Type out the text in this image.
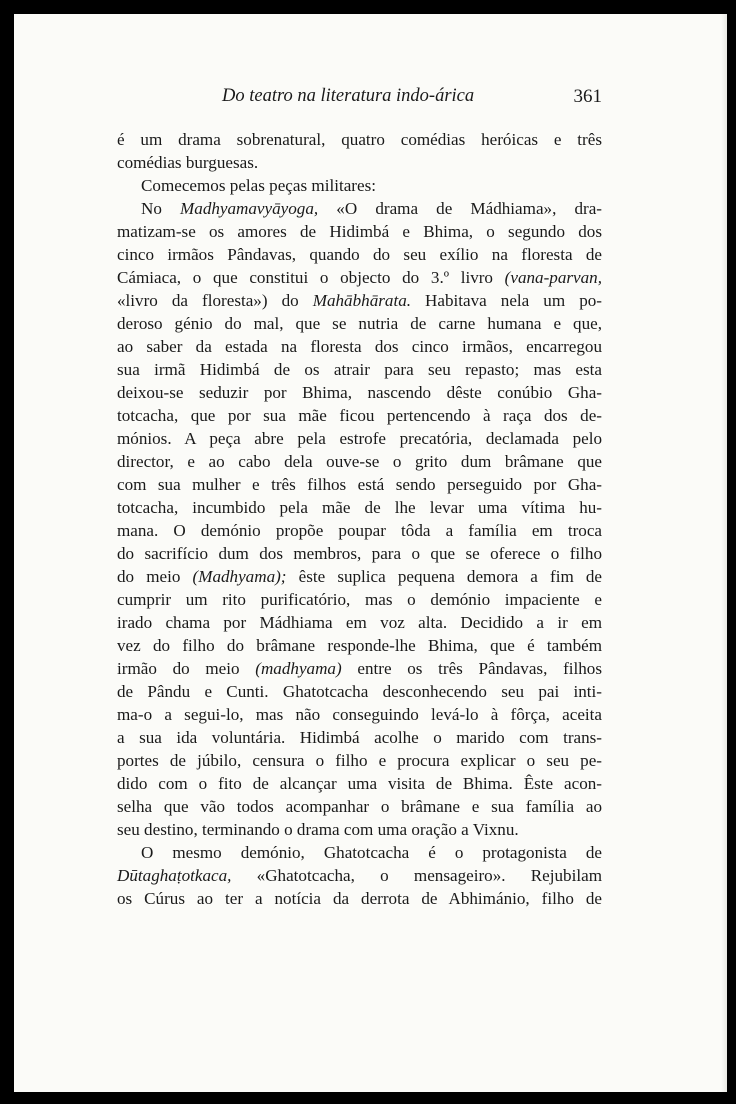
Do teatro na literatura indo-árica	361
é um drama sobrenatural, quatro comédias heróicas e três
comédias burguesas.
Comecemos pelas peças militares:
No Madhyamavyāyoga, «O drama de Mádhiama», dra-
matizam-se os amores de Hidimbá e Bhima, o segundo dos
cinco irmãos Pândavas, quando do seu exílio na floresta de
Cámiaca, o que constitui o objecto do 3.º livro (vana-parvan,
«livro da floresta») do Mahābhārata. Habitava nela um po-
deroso génio do mal, que se nutria de carne humana e que,
ao saber da estada na floresta dos cinco irmãos, encarregou
sua irmã Hidimbá de os atrair para seu repasto; mas esta
deixou-se seduzir por Bhima, nascendo dêste conúbio Gha-
totcacha, que por sua mãe ficou pertencendo à raça dos de-
mónios. A peça abre pela estrofe precatória, declamada pelo
director, e ao cabo dela ouve-se o grito dum brâmane que
com sua mulher e três filhos está sendo perseguido por Gha-
totcacha, incumbido pela mãe de lhe levar uma vítima hu-
mana. O demónio propõe poupar tôda a família em troca
do sacrifício dum dos membros, para o que se oferece o filho
do meio (Madhyama); êste suplica pequena demora a fim de
cumprir um rito purificatório, mas o demónio impaciente e
irado chama por Mádhiama em voz alta. Decidido a ir em
vez do filho do brâmane responde-lhe Bhima, que é também
irmão do meio (madhyama) entre os três Pândavas, filhos
de Pându e Cunti. Ghatotcacha desconhecendo seu pai inti-
ma-o a segui-lo, mas não conseguindo levá-lo à fôrça, aceita
a sua ida voluntária. Hidimbá acolhe o marido com trans-
portes de júbilo, censura o filho e procura explicar o seu pe-
dido com o fito de alcançar uma visita de Bhima. Êste acon-
selha que vão todos acompanhar o brâmane e sua família ao
seu destino, terminando o drama com uma oração a Vixnu.
O mesmo demónio, Ghatotcacha é o protagonista de
Dūtaghaṭotkaca, «Ghatotcacha, o mensageiro». Rejubilam
os Cúrus ao ter a notícia da derrota de Abhimánio, filho de
